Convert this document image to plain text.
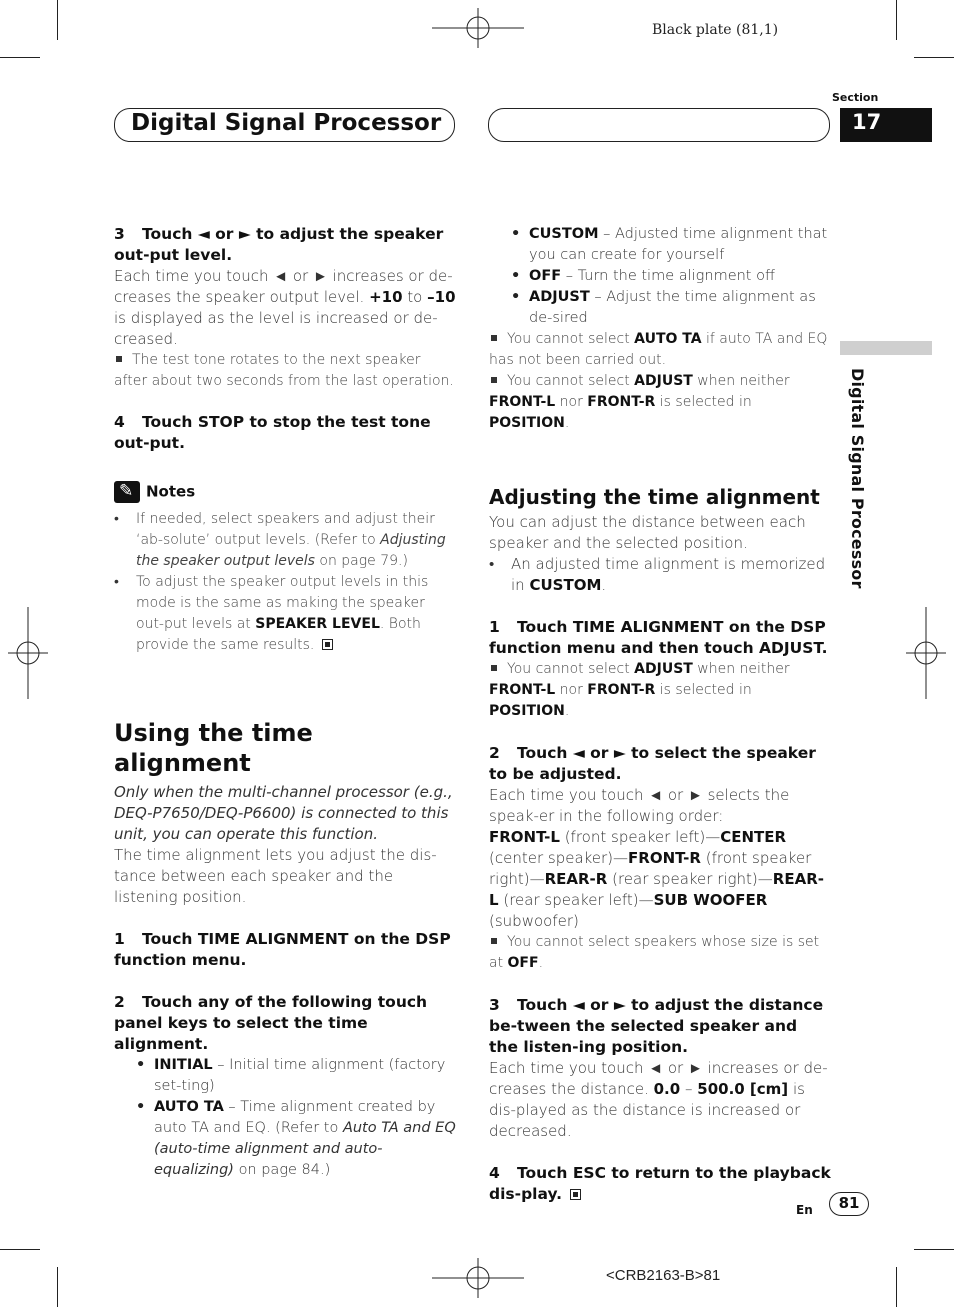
Black plate (81,1)
Digital Signal Processor
Section
17
Digital Signal Processor

3 Touch ◄ or ► to adjust the speaker out-put level.

Each time you touch ◄ or ► increases or de-creases the speaker output level. +10 to –10 is displayed as the level is increased or de-creased.

The test tone rotates to the next speaker after about two seconds from the last operation.

4 Touch STOP to stop the test tone out-put.

✎Notes

• If needed, select speakers and adjust their ‘ab-solute’ output levels. (Refer to Adjusting the speaker output levels on page 79.)
• To adjust the speaker output levels in this mode is the same as making the speaker out-put levels at SPEAKER LEVEL. Both provide the same results.
Using the time alignment

Only when the multi-channel processor (e.g., DEQ-P7650/DEQ-P6600) is connected to this unit, you can operate this function.

The time alignment lets you adjust the dis-tance between each speaker and the listening position.

1 Touch TIME ALIGNMENT on the DSP function menu.

2 Touch any of the following touch panel keys to select the time alignment.

• INITIAL – Initial time alignment (factory set-ting)
• AUTO TA – Time alignment created by auto TA and EQ. (Refer to Auto TA and EQ (auto-time alignment and auto-equalizing) on page 84.)
• CUSTOM – Adjusted time alignment that you can create for yourself
• OFF – Turn the time alignment off
• ADJUST – Adjust the time alignment as de-sired

You cannot select AUTO TA if auto TA and EQ has not been carried out.

You cannot select ADJUST when neither FRONT-L nor FRONT-R is selected in POSITION.

Adjusting the time alignment

You can adjust the distance between each speaker and the selected position.

• An adjusted time alignment is memorized in CUSTOM.

1 Touch TIME ALIGNMENT on the DSP function menu and then touch ADJUST.

You cannot select ADJUST when neither FRONT-L nor FRONT-R is selected in POSITION.

2 Touch ◄ or ► to select the speaker to be adjusted.

Each time you touch ◄ or ► selects the speak-er in the following order:

FRONT-L (front speaker left)—CENTER (center speaker)—FRONT-R (front speaker right)—REAR-R (rear speaker right)—REAR-L (rear speaker left)—SUB WOOFER (subwoofer)

You cannot select speakers whose size is set at OFF.

3 Touch ◄ or ► to adjust the distance be-tween the selected speaker and the listen-ing position.

Each time you touch ◄ or ► increases or de-creases the distance. 0.0 – 500.0 [cm] is dis-played as the distance is increased or decreased.

4 Touch ESC to return to the playback dis-play.

En	81
<CRB2163-B>81
